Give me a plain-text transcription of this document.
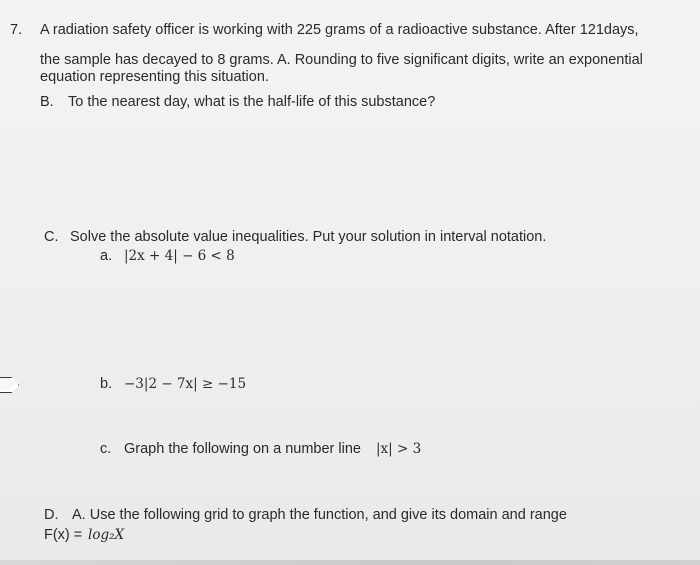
7. A radiation safety officer is working with 225 grams of a radioactive substance. After 121days,
the sample has decayed to 8 grams. A. Rounding to five significant digits, write an exponential
equation representing this situation.
B. To the nearest day, what is the half-life of this substance?
C. Solve the absolute value inequalities. Put your solution in interval notation.
a. |2x + 4| − 6 < 8
b. −3|2 − 7x| ≥ −15
c. Graph the following on a number line |x| > 3
D. A. Use the following grid to graph the function, and give its domain and range
F(x) = log₂X
